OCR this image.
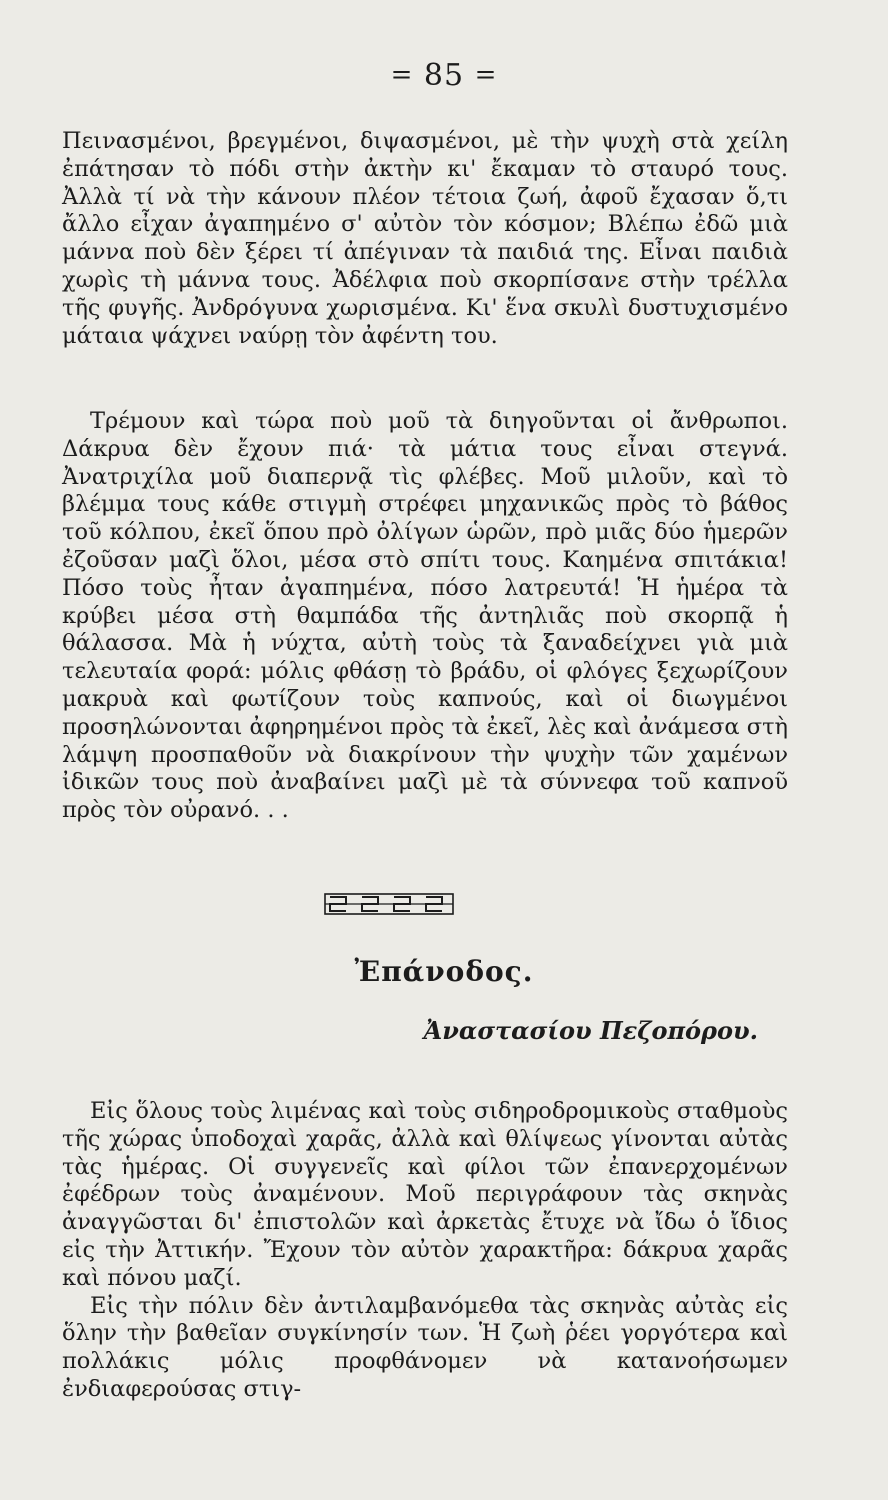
= 85 =

Πεινασμένοι, βρεγμένοι, διψασμένοι, μὲ τὴν ψυχὴ στὰ χείλη ἐπάτησαν τὸ πόδι στὴν ἀκτὴν κι' ἔκαμαν τὸ σταυρό τους. Ἀλλὰ τί νὰ τὴν κάνουν πλέον τέτοια ζωή, ἀφοῦ ἔχασαν ὅ,τι ἄλλο εἶχαν ἀγαπημένο σ' αὐτὸν τὸν κόσμον; Βλέπω ἐδῶ μιὰ μάννα ποὺ δὲν ξέρει τί ἀπέγιναν τὰ παιδιά της. Εἶναι παιδιὰ χωρὶς τὴ μάννα τους. Ἀδέλφια ποὺ σκορπίσανε στὴν τρέλλα τῆς φυγῆς. Ἀνδρόγυνα χωρισμένα. Κι' ἕνα σκυλὶ δυστυχισμένο μάταια ψάχνει ναύρῃ τὸν ἀφέντη του.

Τρέμουν καὶ τώρα ποὺ μοῦ τὰ διηγοῦνται οἱ ἄνθρωποι. Δάκρυα δὲν ἔχουν πιά· τὰ μάτια τους εἶναι στεγνά. Ἀνατριχίλα μοῦ διαπερνᾷ τὶς φλέβες. Μοῦ μιλοῦν, καὶ τὸ βλέμμα τους κάθε στιγμὴ στρέφει μηχανικῶς πρὸς τὸ βάθος τοῦ κόλπου, ἐκεῖ ὅπου πρὸ ὀλίγων ὡρῶν, πρὸ μιᾶς δύο ἡμερῶν ἐζοῦσαν μαζὶ ὅλοι, μέσα στὸ σπίτι τους. Καημένα σπιτάκια! Πόσο τοὺς ἦταν ἀγαπημένα, πόσο λατρευτά! Ἡ ἡμέρα τὰ κρύβει μέσα στὴ θαμπάδα τῆς ἀντηλιᾶς ποὺ σκορπᾷ ἡ θάλασσα. Μὰ ἡ νύχτα, αὐτὴ τοὺς τὰ ξαναδείχνει γιὰ μιὰ τελευταία φορά: μόλις φθάσῃ τὸ βράδυ, οἱ φλόγες ξεχωρίζουν μακρυὰ καὶ φωτίζουν τοὺς καπνούς, καὶ οἱ διωγμένοι προσηλώνονται ἀφηρημένοι πρὸς τὰ ἐκεῖ, λὲς καὶ ἀνάμεσα στὴ λάμψη προσπαθοῦν νὰ διακρίνουν τὴν ψυχὴν τῶν χαμένων ἰδικῶν τους ποὺ ἀναβαίνει μαζὶ μὲ τὰ σύννεφα τοῦ καπνοῦ πρὸς τὸν οὐρανό. . .

Ἐπάνοδος.
Ἀναστασίου Πεζοπόρου.

Εἰς ὅλους τοὺς λιμένας καὶ τοὺς σιδηροδρομικοὺς σταθμοὺς τῆς χώρας ὑποδοχαὶ χαρᾶς, ἀλλὰ καὶ θλίψεως γίνονται αὐτὰς τὰς ἡμέρας. Οἱ συγγενεῖς καὶ φίλοι τῶν ἐπανερχομένων ἐφέδρων τοὺς ἀναμένουν. Μοῦ περιγράφουν τὰς σκηνὰς ἀναγγῶσται δι' ἐπιστολῶν καὶ ἀρκετὰς ἔτυχε νὰ ἴδω ὁ ἴδιος εἰς τὴν Ἀττικήν. Ἔχουν τὸν αὐτὸν χαρακτῆρα: δάκρυα χαρᾶς καὶ πόνου μαζί.

Εἰς τὴν πόλιν δὲν ἀντιλαμβανόμεθα τὰς σκηνὰς αὐτὰς εἰς ὅλην τὴν βαθεῖαν συγκίνησίν των. Ἡ ζωὴ ῥέει γοργότερα καὶ πολλάκις μόλις προφθάνομεν νὰ κατανοήσωμεν ἐνδιαφερούσας στιγ-
